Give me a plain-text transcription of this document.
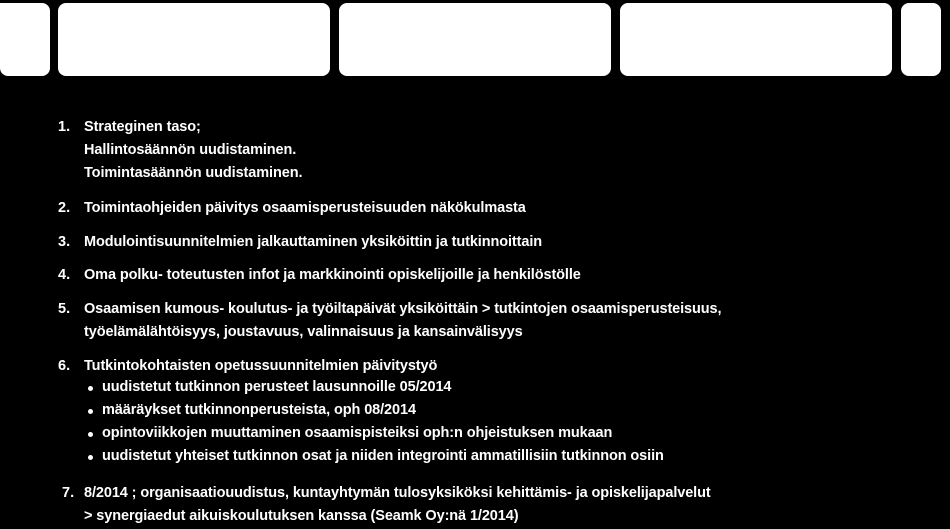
1. Strateginen taso;
Hallintosäännön uudistaminen.
Toimintasäännön uudistaminen.
2. Toimintaohjeiden päivitys osaamisperusteisuuden näkökulmasta
3. Modulointisuunnitelmien jalkauttaminen yksiköittin ja tutkinnoittain
4. Oma polku- toteutusten infot ja markkinointi opiskelijoille ja henkilöstölle
5. Osaamisen kumous- koulutus- ja työiltapäivät yksiköittäin > tutkintojen osaamisperusteisuus,
työelämälähtöisyys, joustavuus, valinnaisuus ja kansainvälisyys
6. Tutkintokohtaisten opetussuunnitelmien päivitystyö
uudistetut tutkinnon perusteet lausunnoille 05/2014
määräykset tutkinnonperusteista, oph 08/2014
opintoviikkojen muuttaminen osaamispisteiksi oph:n ohjeistuksen mukaan
uudistetut yhteiset tutkinnon osat ja niiden integrointi ammatillisiin tutkinnon osiin
7. 8/2014 ; organisaatiouudistus, kuntayhtymän tulosyksiköksi kehittämis- ja opiskelijapalvelut
> synergiaedut aikuiskoulutuksen kanssa (Seamk Oy:nä 1/2014)
